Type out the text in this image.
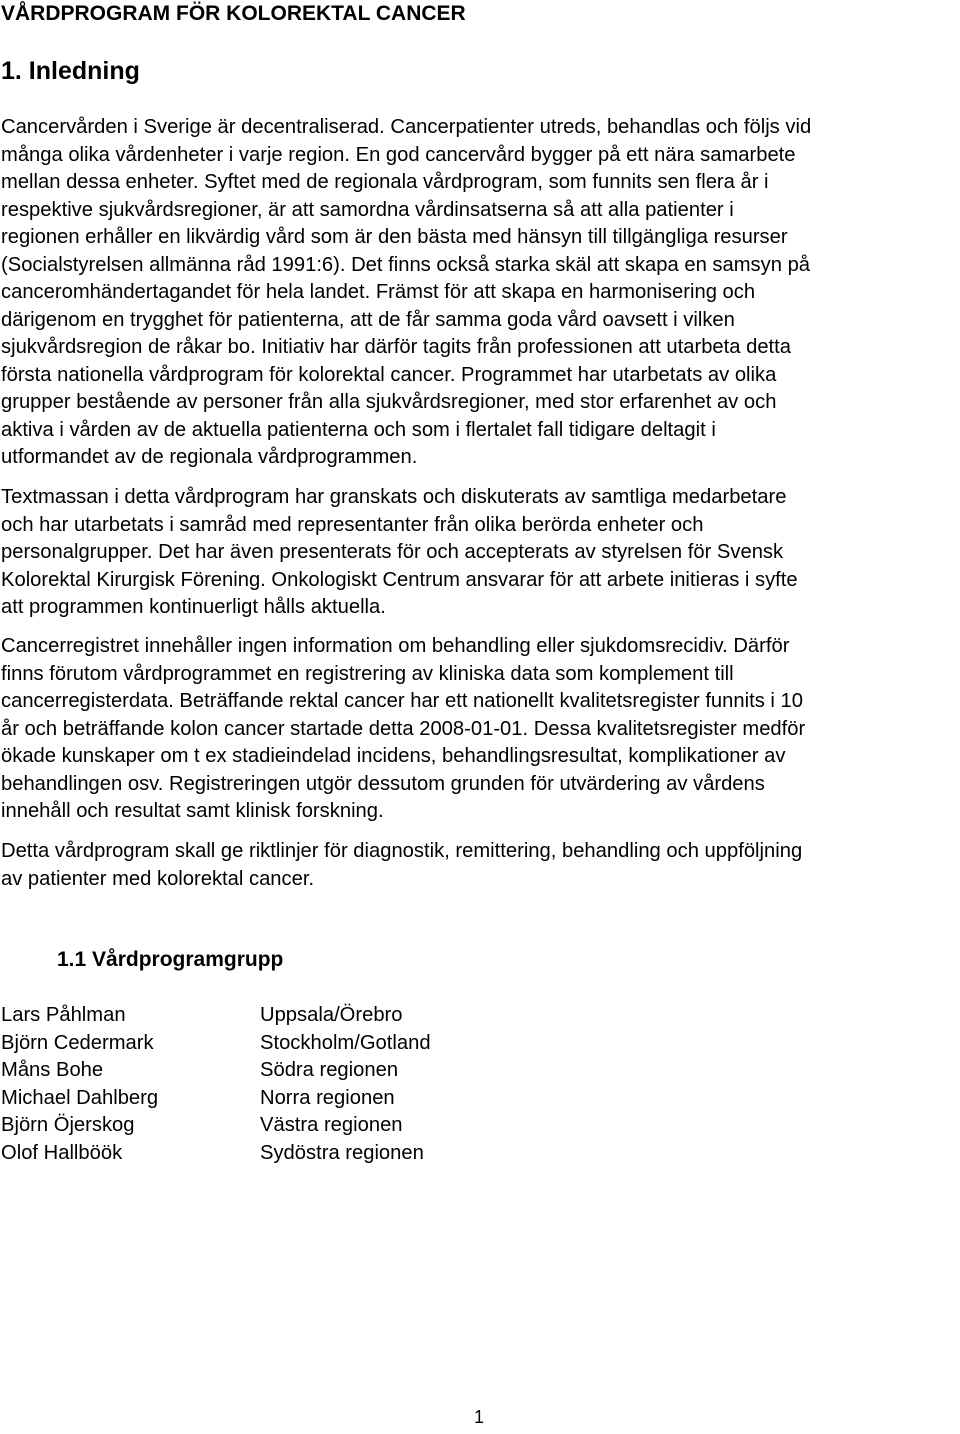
VÅRDPROGRAM FÖR KOLOREKTAL CANCER
1. Inledning

Cancervården i Sverige är decentraliserad. Cancerpatienter utreds, behandlas och följs vid
många olika vårdenheter i varje region. En god cancervård bygger på ett nära samarbete
mellan dessa enheter. Syftet med de regionala vårdprogram, som funnits sen flera år i
respektive sjukvårdsregioner, är att samordna vårdinsatserna så att alla patienter i
regionen erhåller en likvärdig vård som är den bästa med hänsyn till tillgängliga resurser
(Socialstyrelsen allmänna råd 1991:6). Det finns också starka skäl att skapa en samsyn på
canceromhändertagandet för hela landet. Främst för att skapa en harmonisering och
därigenom en trygghet för patienterna, att de får samma goda vård oavsett i vilken
sjukvårdsregion de råkar bo. Initiativ har därför tagits från professionen att utarbeta detta
första nationella vårdprogram för kolorektal cancer. Programmet har utarbetats av olika
grupper bestående av personer från alla sjukvårdsregioner, med stor erfarenhet av och
aktiva i vården av de aktuella patienterna och som i flertalet fall tidigare deltagit i
utformandet av de regionala vårdprogrammen.

Textmassan i detta vårdprogram har granskats och diskuterats av samtliga medarbetare
och har utarbetats i samråd med representanter från olika berörda enheter och
personalgrupper. Det har även presenterats för och accepterats av styrelsen för Svensk
Kolorektal Kirurgisk Förening. Onkologiskt Centrum ansvarar för att arbete initieras i syfte
att programmen kontinuerligt hålls aktuella.

Cancerregistret innehåller ingen information om behandling eller sjukdomsrecidiv. Därför
finns förutom vårdprogrammet en registrering av kliniska data som komplement till
cancerregisterdata. Beträffande rektal cancer har ett nationellt kvalitetsregister funnits i 10
år och beträffande kolon cancer startade detta 2008-01-01. Dessa kvalitetsregister medför
ökade kunskaper om t ex stadieindelad incidens, behandlingsresultat, komplikationer av
behandlingen osv. Registreringen utgör dessutom grunden för utvärdering av vårdens
innehåll och resultat samt klinisk forskning.

Detta vårdprogram skall ge riktlinjer för diagnostik, remittering, behandling och uppföljning
av patienter med kolorektal cancer.

1.1 Vårdprogramgrupp
Lars Påhlman	Uppsala/Örebro
Björn Cedermark	Stockholm/Gotland
Måns Bohe	Södra regionen
Michael Dahlberg	Norra regionen
Björn Öjerskog	Västra regionen
Olof Hallböök	Sydöstra regionen
1
